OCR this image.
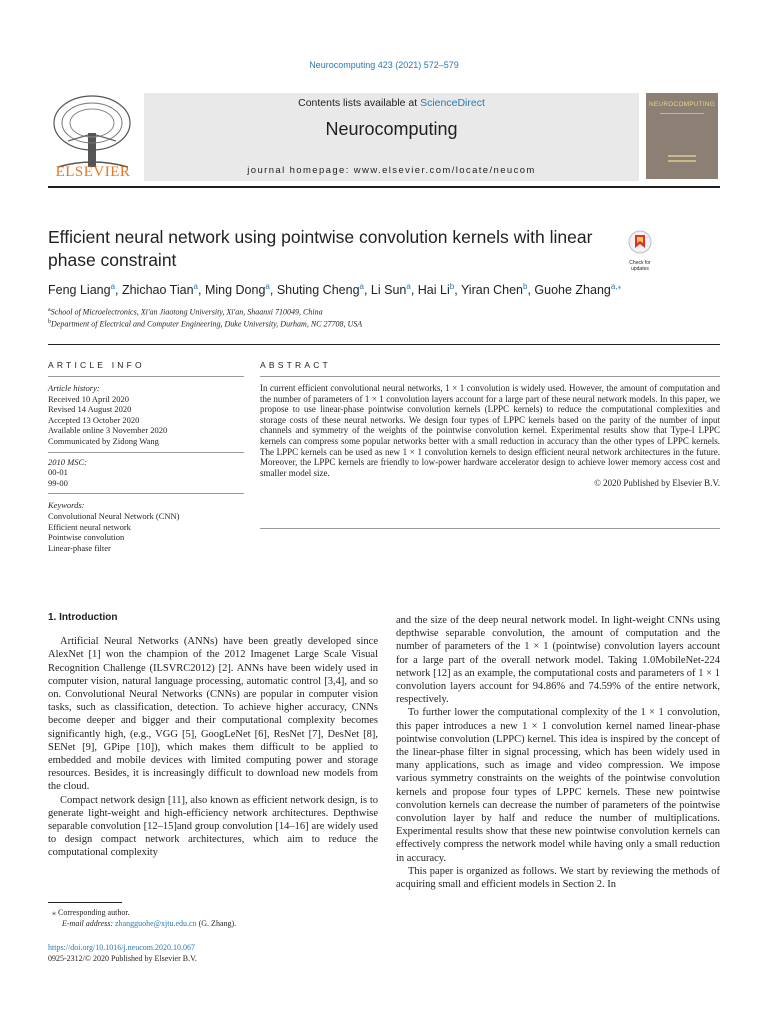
Neurocomputing 423 (2021) 572–579
ELSEVIER
Contents lists available at ScienceDirect
Neurocomputing
journal homepage: www.elsevier.com/locate/neucom
NEUROCOMPUTING
Efficient neural network using pointwise convolution kernels with linear phase constraint	Check for updates
Feng Liang$^a$, Zhichao Tian$^a$, Ming Dong$^a$, Shuting Cheng$^a$, Li Sun$^a$, Hai Li$^b$, Yiran Chen$^b$, Guohe Zhang$^{a,⁎}$
$^a$School of Microelectronics, Xi'an Jiaotong University, Xi'an, Shaanxi 710049, China
$^b$Department of Electrical and Computer Engineering, Duke University, Durham, NC 27708, USA
ARTICLE INFO
Article history:
Received 10 April 2020
Revised 14 August 2020
Accepted 13 October 2020
Available online 3 November 2020
Communicated by Zidong Wang
2010 MSC:
00-01
99-00
Keywords:
Convolutional Neural Network (CNN)
Efficient neural network
Pointwise convolution
Linear-phase filter
ABSTRACT
In current efficient convolutional neural networks, 1 × 1 convolution is widely used. However, the amount of computation and the number of parameters of 1 × 1 convolution layers account for a large part of these neural network models. In this paper, we propose to use linear-phase pointwise convolution kernels (LPPC kernels) to reduce the computational complexities and storage costs of these neural networks. We design four types of LPPC kernels based on the parity of the number of input channels and symmetry of the weights of the pointwise convolution kernel. Experimental results show that Type-I LPPC kernels can compress some popular networks better with a small reduction in accuracy than the other types of LPPC kernels. The LPPC kernels can be used as new 1 × 1 convolution kernels to design efficient neural network architectures in the future. Moreover, the LPPC kernels are friendly to low-power hardware accelerator design to achieve lower memory access cost and smaller model size.
© 2020 Published by Elsevier B.V.

1. Introduction

Artificial Neural Networks (ANNs) have been greatly developed since AlexNet [1] won the champion of the 2012 Imagenet Large Scale Visual Recognition Challenge (ILSVRC2012) [2]. ANNs have been widely used in computer vision, natural language processing, automatic control [3,4], and so on. Convolutional Neural Networks (CNNs) are popular in computer vision tasks, such as classification, detection. To achieve higher accuracy, CNNs become deeper and bigger and their computational complexity becomes significantly high, (e.g., VGG [5], GoogLeNet [6], ResNet [7], DesNet [8], SENet [9], GPipe [10]), which makes them difficult to be applied to embedded and mobile devices with limited computing power and storage resources. Besides, it is increasingly difficult to download new models from the cloud.

Compact network design [11], also known as efficient network design, is to generate light-weight and high-efficiency network architectures. Depthwise separable convolution [12–15]and group convolution [14–16] are widely used to design compact network architectures, which aim to reduce the computational complexity

and the size of the deep neural network model. In light-weight CNNs using depthwise separable convolution, the amount of computation and the number of parameters of the 1 × 1 (pointwise) convolution layers account for a large part of the overall network model. Taking 1.0MobileNet-224 network [12] as an example, the computational costs and parameters of 1 × 1 convolution layers account for 94.86% and 74.59% of the entire network, respectively.

To further lower the computational complexity of the 1 × 1 convolution, this paper introduces a new 1 × 1 convolution kernel named linear-phase pointwise convolution (LPPC) kernel. This idea is inspired by the concept of the linear-phase filter in signal processing, which has been widely used in many applications, such as image and video compression. We impose various symmetry constraints on the weights of the pointwise convolution kernels and propose four types of LPPC kernels. These new pointwise convolution kernels can decrease the number of parameters of the pointwise convolution layer by half and reduce the number of multiplications. Experimental results show that these new pointwise convolution kernels can effectively compress the network model while having only a small reduction in accuracy.

This paper is organized as follows. We start by reviewing the methods of acquiring small and efficient models in Section 2. In

⁎ Corresponding author.
E-mail address: zhangguohe@xjtu.edu.cn (G. Zhang).
https://doi.org/10.1016/j.neucom.2020.10.067
0925-2312/© 2020 Published by Elsevier B.V.
